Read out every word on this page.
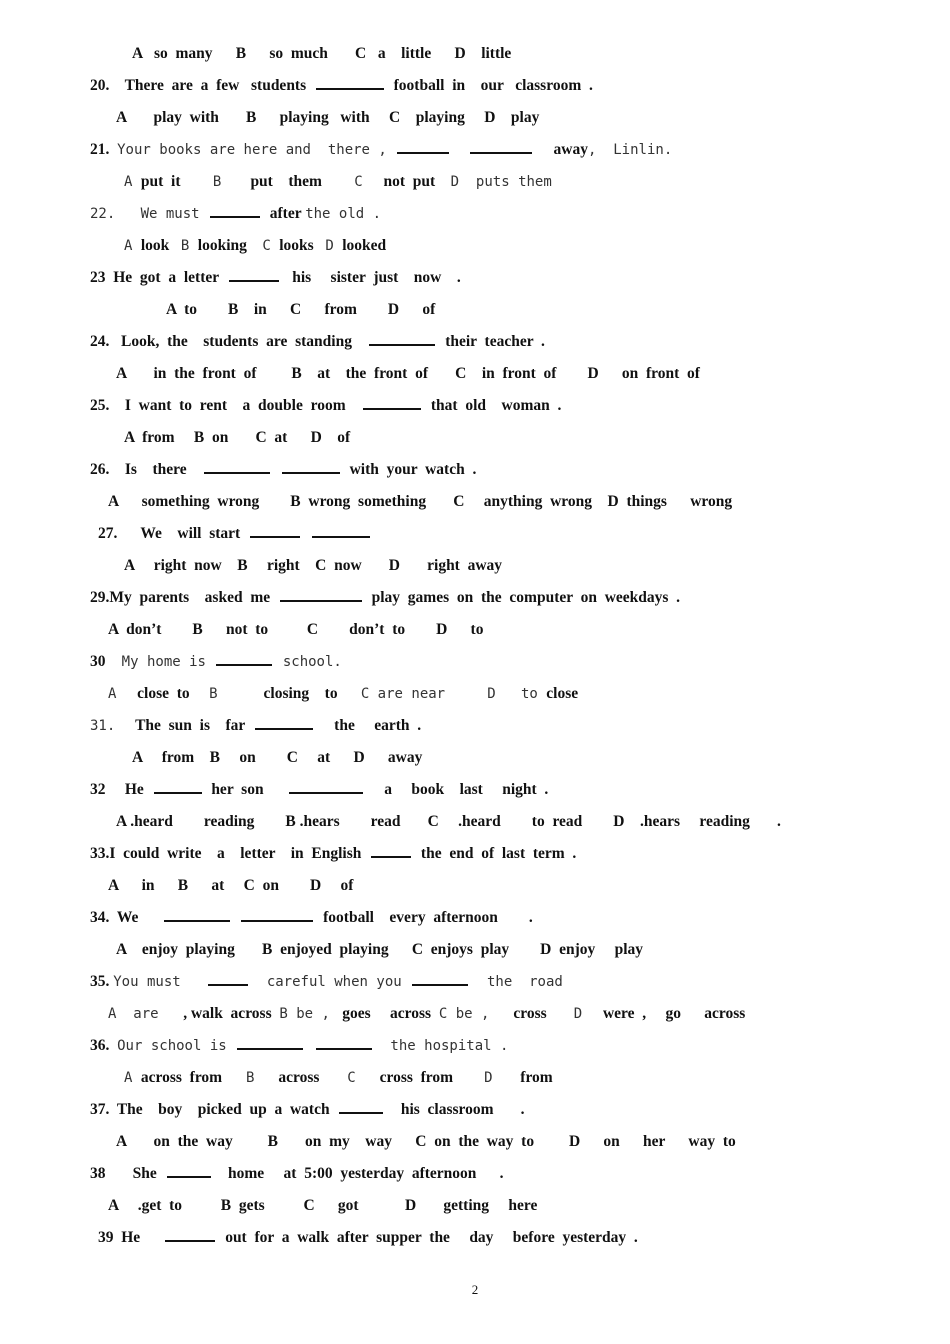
2
A   so  many      B      so  much       C   a    little      D    little
20.    There  are  a  few   students	football  in    our   classroom  .
A       play  with       B      playing   with     C    playing     D    play
21.  Your books are here and  there ,	away,  Linlin.
A put  it      B    put    them      C   not  put    D  puts them
22.   We must	after the old .
A look   B looking    C looks   D looked
23  He  got  a  letter	his     sister  just    now    .
A  to        B    in      C      from        D      of
24.   Look,  the    students  are  standing	their  teacher  .
A       in  the  front  of         B    at    the  front  of       C    in  front  of        D      on  front  of
25.    I  want  to  rent    a  double  room	that  old    woman  .
A  from     B  on       C  at      D    of
26.    Is    there	with  your  watch  .
A      something  wrong        B  wrong  something       C     anything  wrong    D  things      wrong
27.      We    will  start
A     right  now    B     right    C  now       D       right  away
29.My  parents    asked  me	play  games  on  the  computer  on  weekdays  .
A  don’t        B      not  to          C        don’t  to        D      to
30   My home is	school.
A   close  to     B      closing    to      C are near     D   to close
31.    The  sun  is    far	the     earth  .
A     from    B     on        C     at      D      away
32     He	her  son	a     book    last     night  .
A .heard        reading        B .hears        read       C     .heard        to  read        D    .hears     reading       .
33.I  could  write    a    letter    in  English	the  end  of  last  term  .
A      in      B      at     C  on        D     of
34.  We	football    every  afternoon        .
A    enjoy  playing       B  enjoyed  playing      C  enjoys  play        D  enjoy     play
35. You must	careful when you	the  road
A  are    , walk  across  B be ,  goes     across  C be ,     cross       D   were  ,     go      across
36.  Our school is	the hospital .
A across  from     B     across      C     cross  from        D      from
37.  The    boy    picked  up  a  watch	his  classroom       .
A       on  the  way         B       on  my    way      C  on  the  way  to         D      on      her      way  to
38       She	home     at  5:00  yesterday  afternoon      .
A     .get  to          B  gets          C      got            D       getting     here
39  He	out  for  a  walk  after  supper  the     day     before  yesterday  .
